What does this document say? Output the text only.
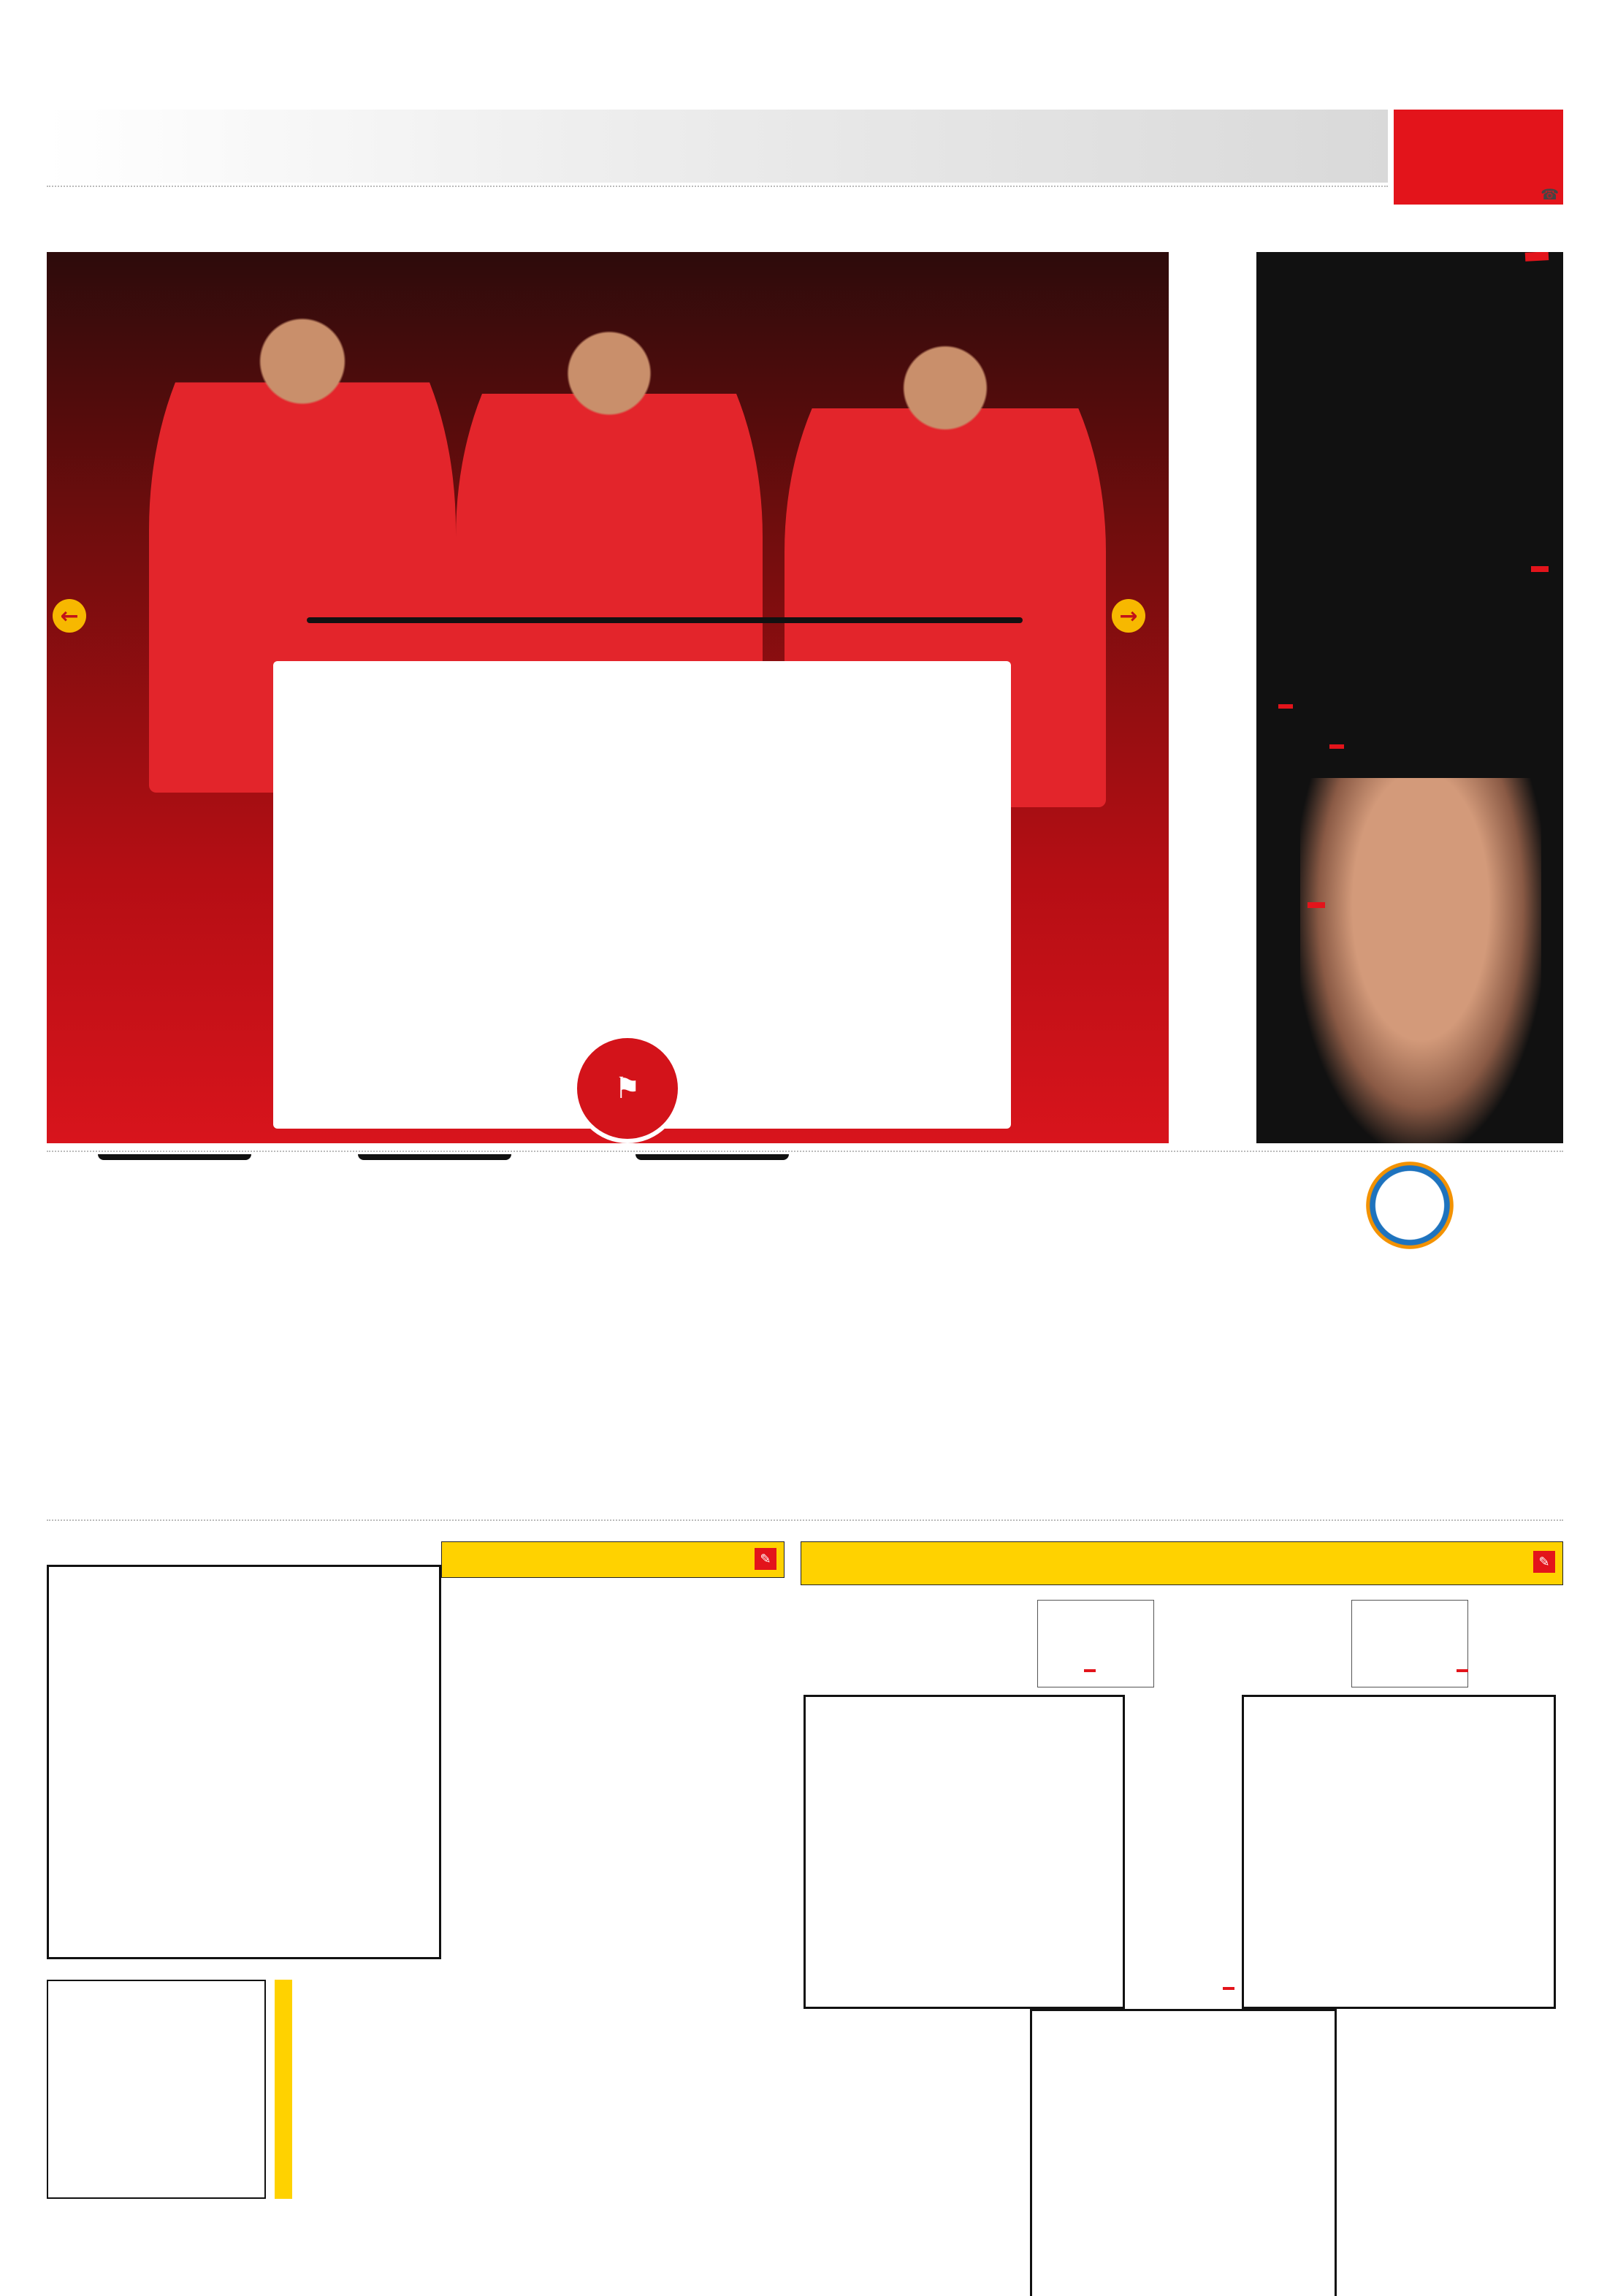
☎
→
←
⚑
✎
✎
